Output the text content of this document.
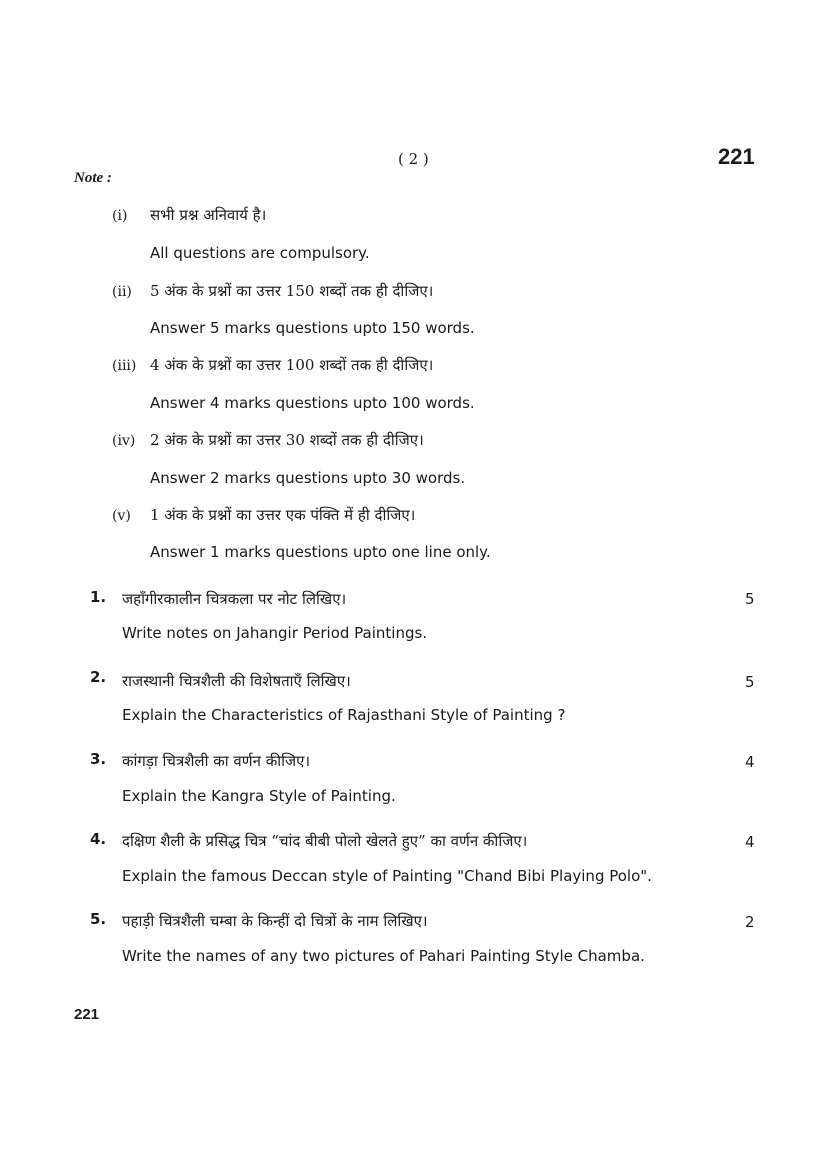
( 2 )	221
Note :
(i) सभी प्रश्न अनिवार्य है।
All questions are compulsory.
(ii) 5 अंक के प्रश्नों का उत्तर 150 शब्दों तक ही दीजिए।
Answer 5 marks questions upto 150 words.
(iii) 4 अंक के प्रश्नों का उत्तर 100 शब्दों तक ही दीजिए।
Answer 4 marks questions upto 100 words.
(iv) 2 अंक के प्रश्नों का उत्तर 30 शब्दों तक ही दीजिए।
Answer 2 marks questions upto 30 words.
(v) 1 अंक के प्रश्नों का उत्तर एक पंक्ति में ही दीजिए।
Answer 1 marks questions upto one line only.
1. जहाँगीरकालीन चित्रकला पर नोट लिखिए।	5
Write notes on Jahangir Period Paintings.
2. राजस्थानी चित्रशैली की विशेषताएँ लिखिए।	5
Explain the Characteristics of Rajasthani Style of Painting ?
3. कांगड़ा चित्रशैली का वर्णन कीजिए।	4
Explain the Kangra Style of Painting.
4. दक्षिण शैली के प्रसिद्ध चित्र “चांद बीबी पोलो खेलते हुए” का वर्णन कीजिए।	4
Explain the famous Deccan style of Painting "Chand Bibi Playing Polo".
5. पहाड़ी चित्रशैली चम्बा के किन्हीं दो चित्रों के नाम लिखिए।	2
Write the names of any two pictures of Pahari Painting Style Chamba.
221
